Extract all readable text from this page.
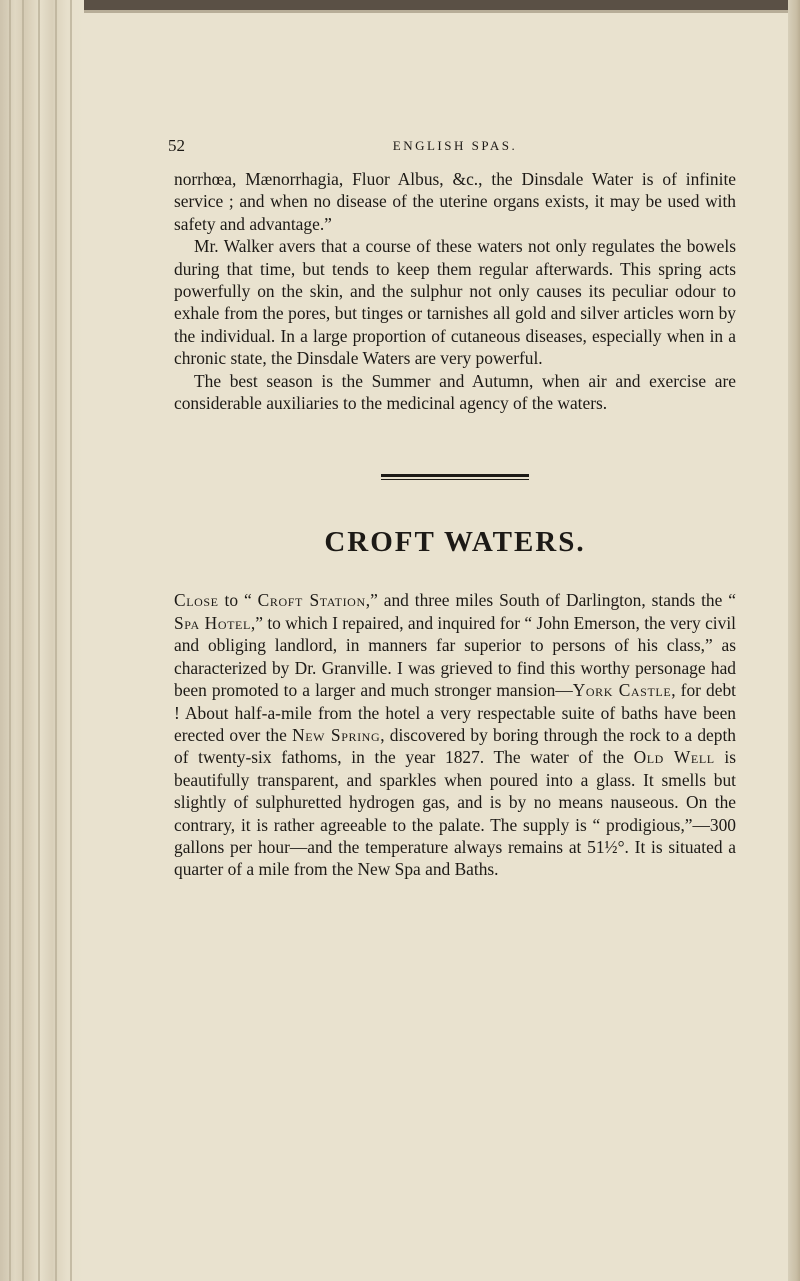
52	ENGLISH SPAS.

norrhœa, Mænorrhagia, Fluor Albus, &c., the Dinsdale Water is of infinite service ; and when no disease of the uterine organs exists, it may be used with safety and advantage.”

Mr. Walker avers that a course of these waters not only regulates the bowels during that time, but tends to keep them regular afterwards. This spring acts powerfully on the skin, and the sulphur not only causes its peculiar odour to exhale from the pores, but tinges or tarnishes all gold and silver articles worn by the individual. In a large proportion of cutaneous diseases, especially when in a chronic state, the Dinsdale Waters are very powerful.

The best season is the Summer and Autumn, when air and exercise are considerable auxiliaries to the medicinal agency of the waters.

CROFT WATERS.

Close to “ Croft Station,” and three miles South of Darlington, stands the “ Spa Hotel,” to which I repaired, and inquired for “ John Emerson, the very civil and obliging landlord, in manners far superior to persons of his class,” as characterized by Dr. Granville. I was grieved to find this worthy personage had been promoted to a larger and much stronger mansion—York Castle, for debt ! About half-a-mile from the hotel a very respectable suite of baths have been erected over the New Spring, discovered by boring through the rock to a depth of twenty-six fathoms, in the year 1827. The water of the Old Well is beautifully transparent, and sparkles when poured into a glass. It smells but slightly of sulphuretted hydrogen gas, and is by no means nauseous. On the contrary, it is rather agreeable to the palate. The supply is “ prodigious,”—300 gallons per hour—and the temperature always remains at 51½°. It is situated a quarter of a mile from the New Spa and Baths.
